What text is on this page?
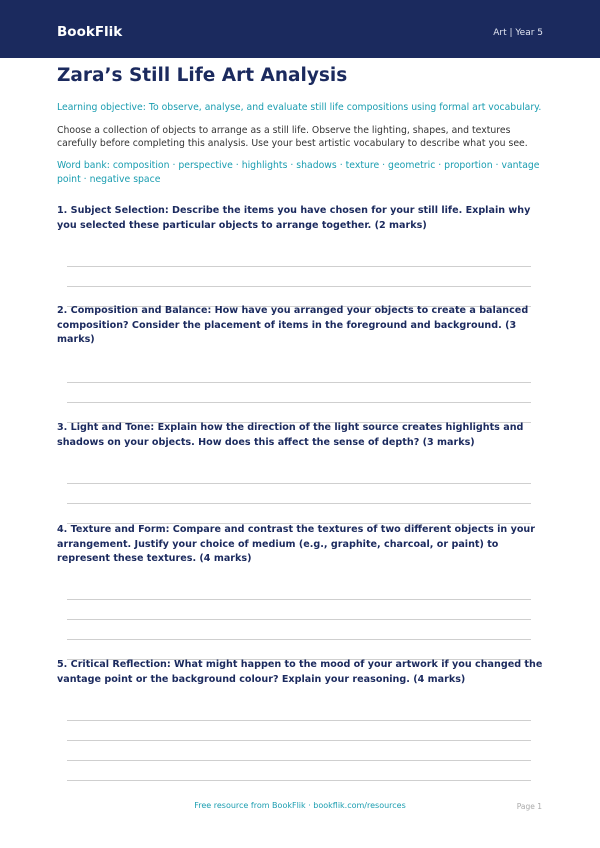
BookFlik	Art | Year 5
Zara’s Still Life Art Analysis
Learning objective: To observe, analyse, and evaluate still life compositions using formal art vocabulary.
Choose a collection of objects to arrange as a still life. Observe the lighting, shapes, and textures carefully before completing this analysis. Use your best artistic vocabulary to describe what you see.
Word bank: composition · perspective · highlights · shadows · texture · geometric · proportion · vantage point · negative space
1. Subject Selection: Describe the items you have chosen for your still life. Explain why you selected these particular objects to arrange together. (2 marks)
2. Composition and Balance: How have you arranged your objects to create a balanced composition? Consider the placement of items in the foreground and background. (3 marks)
3. Light and Tone: Explain how the direction of the light source creates highlights and shadows on your objects. How does this affect the sense of depth? (3 marks)
4. Texture and Form: Compare and contrast the textures of two different objects in your arrangement. Justify your choice of medium (e.g., graphite, charcoal, or paint) to represent these textures. (4 marks)
5. Critical Reflection: What might happen to the mood of your artwork if you changed the vantage point or the background colour? Explain your reasoning. (4 marks)
Free resource from BookFlik · bookflik.com/resources	Page 1
